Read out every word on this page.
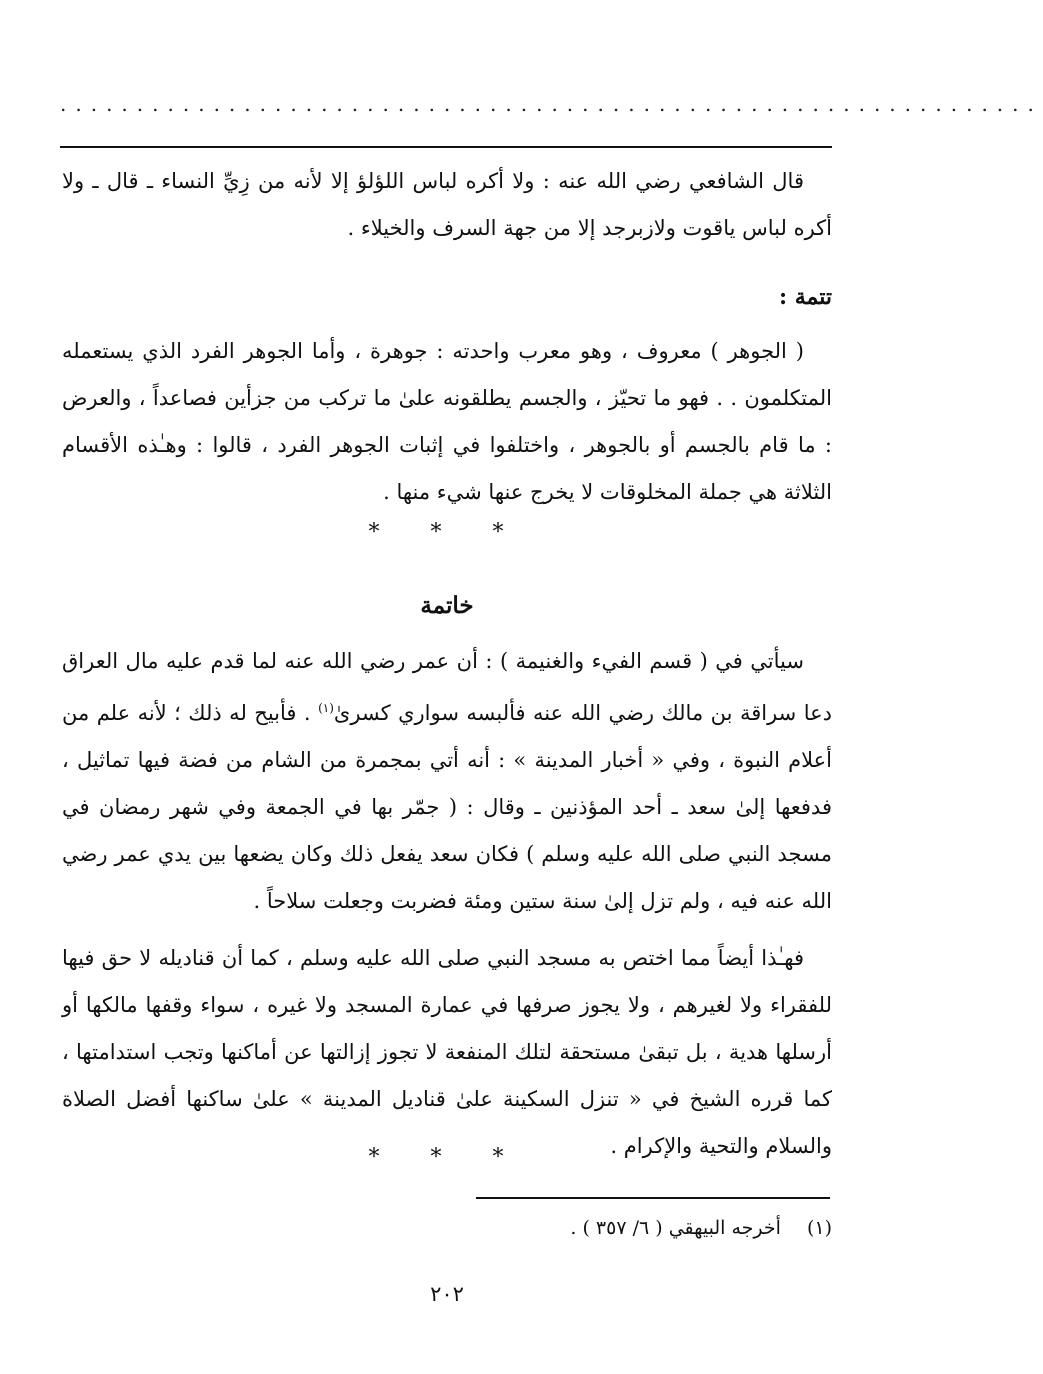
................................................................

قال الشافعي رضي الله عنه : ولا أكره لباس اللؤلؤ إلا لأنه من زِيِّ النساء ـ قال ـ ولا أكره لباس ياقوت ولازبرجد إلا من جهة السرف والخيلاء .

تتمة :

( الجوهر ) معروف ، وهو معرب واحدته : جوهرة ، وأما الجوهر الفرد الذي يستعمله المتكلمون . . فهو ما تحيّز ، والجسم يطلقونه علىٰ ما تركب من جزأين فصاعداً ، والعرض : ما قام بالجسم أو بالجوهر ، واختلفوا في إثبات الجوهر الفرد ، قالوا : وهـٰذه الأقسام الثلاثة هي جملة المخلوقات لا يخرج عنها شيء منها .

* * *
خاتمة

سيأتي في ( قسم الفيء والغنيمة ) : أن عمر رضي الله عنه لما قدم عليه مال العراق دعا سراقة بن مالك رضي الله عنه فألبسه سواري كسرىٰ$^{(١)}$ . فأبيح له ذلك ؛ لأنه علم من أعلام النبوة ، وفي « أخبار المدينة » : أنه أتي بمجمرة من الشام من فضة فيها تماثيل ، فدفعها إلىٰ سعد ـ أحد المؤذنين ـ وقال : ( جمّر بها في الجمعة وفي شهر رمضان في مسجد النبي صلى الله عليه وسلم ) فكان سعد يفعل ذلك وكان يضعها بين يدي عمر رضي الله عنه فيه ، ولم تزل إلىٰ سنة ستين ومئة فضربت وجعلت سلاحاً .

فهـٰذا أيضاً مما اختص به مسجد النبي صلى الله عليه وسلم ، كما أن قناديله لا حق فيها للفقراء ولا لغيرهم ، ولا يجوز صرفها في عمارة المسجد ولا غيره ، سواء وقفها مالكها أو أرسلها هدية ، بل تبقىٰ مستحقة لتلك المنفعة لا تجوز إزالتها عن أماكنها وتجب استدامتها ، كما قرره الشيخ في « تنزل السكينة علىٰ قناديل المدينة » علىٰ ساكنها أفضل الصلاة والسلام والتحية والإكرام .

* * *
(١)أخرجه البيهقي ( ٦/ ٣٥٧ ) .
٢٠٢
